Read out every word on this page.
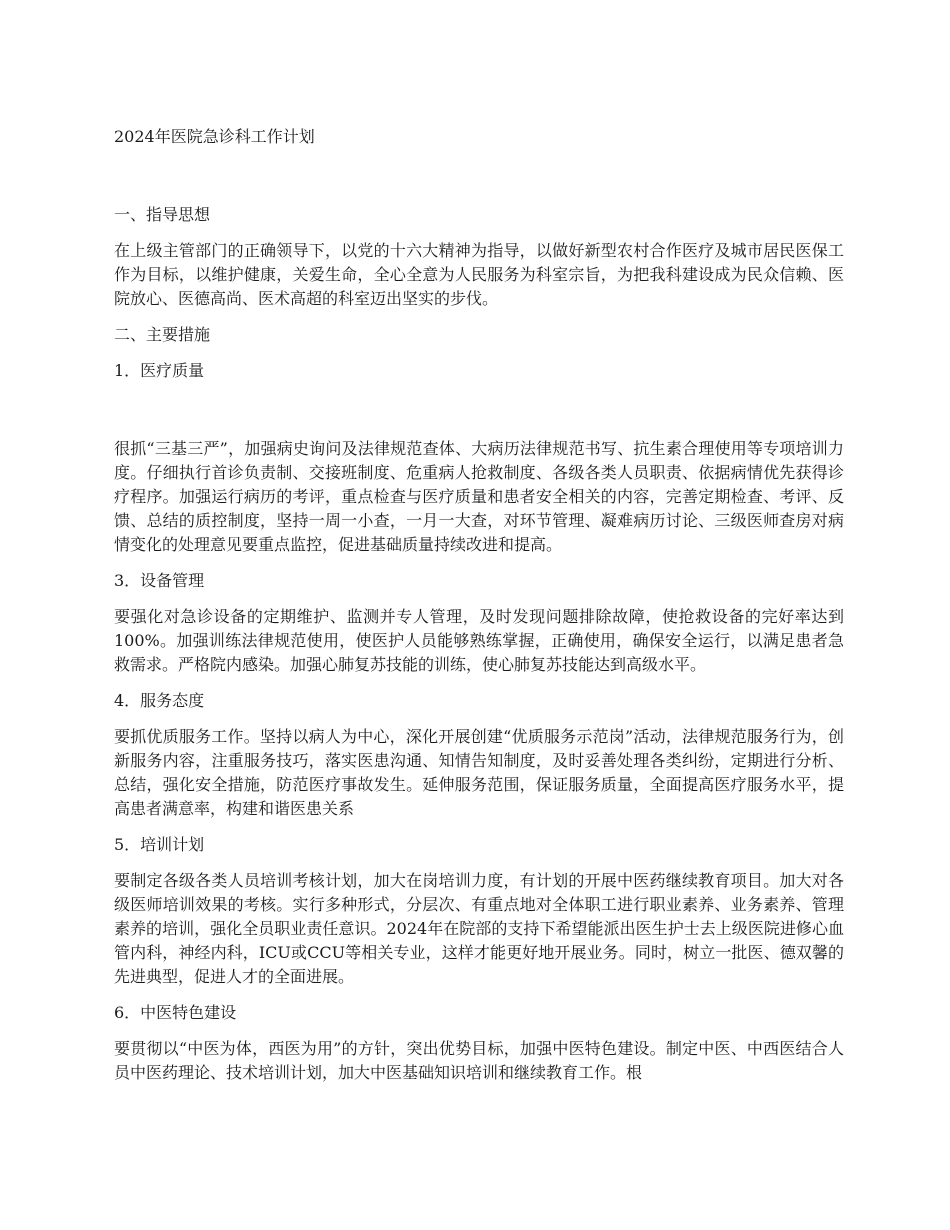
2024年医院急诊科工作计划
一、指导思想

在上级主管部门的正确领导下，以党的十六大精神为指导，以做好新型农村合作医疗及城市居民医保工作为目标，以维护健康，关爱生命，全心全意为人民服务为科室宗旨，为把我科建设成为民众信赖、医院放心、医德高尚、医术高超的科室迈出坚实的步伐。

二、主要措施
1．医疗质量

很抓“三基三严”，加强病史询问及法律规范查体、大病历法律规范书写、抗生素合理使用等专项培训力度。仔细执行首诊负责制、交接班制度、危重病人抢救制度、各级各类人员职责、依据病情优先获得诊疗程序。加强运行病历的考评，重点检查与医疗质量和患者安全相关的内容，完善定期检查、考评、反馈、总结的质控制度，坚持一周一小查，一月一大查，对环节管理、凝难病历讨论、三级医师查房对病情变化的处理意见要重点监控，促进基础质量持续改进和提高。

3．设备管理

要强化对急诊设备的定期维护、监测并专人管理，及时发现问题排除故障，使抢救设备的完好率达到100%。加强训练法律规范使用，使医护人员能够熟练掌握，正确使用，确保安全运行，以满足患者急救需求。严格院内感染。加强心肺复苏技能的训练，使心肺复苏技能达到高级水平。

4．服务态度

要抓优质服务工作。坚持以病人为中心，深化开展创建“优质服务示范岗”活动，法律规范服务行为，创新服务内容，注重服务技巧，落实医患沟通、知情告知制度，及时妥善处理各类纠纷，定期进行分析、总结，强化安全措施，防范医疗事故发生。延伸服务范围，保证服务质量，全面提高医疗服务水平，提高患者满意率，构建和谐医患关系

5．培训计划

要制定各级各类人员培训考核计划，加大在岗培训力度，有计划的开展中医药继续教育项目。加大对各级医师培训效果的考核。实行多种形式，分层次、有重点地对全体职工进行职业素养、业务素养、管理素养的培训，强化全员职业责任意识。2024年在院部的支持下希望能派出医生护士去上级医院进修心血管内科，神经内科，ICU或CCU等相关专业，这样才能更好地开展业务。同时，树立一批医、德双馨的先进典型，促进人才的全面进展。

6．中医特色建设

要贯彻以“中医为体，西医为用”的方针，突出优势目标，加强中医特色建设。制定中医、中西医结合人员中医药理论、技术培训计划，加大中医基础知识培训和继续教育工作。根
